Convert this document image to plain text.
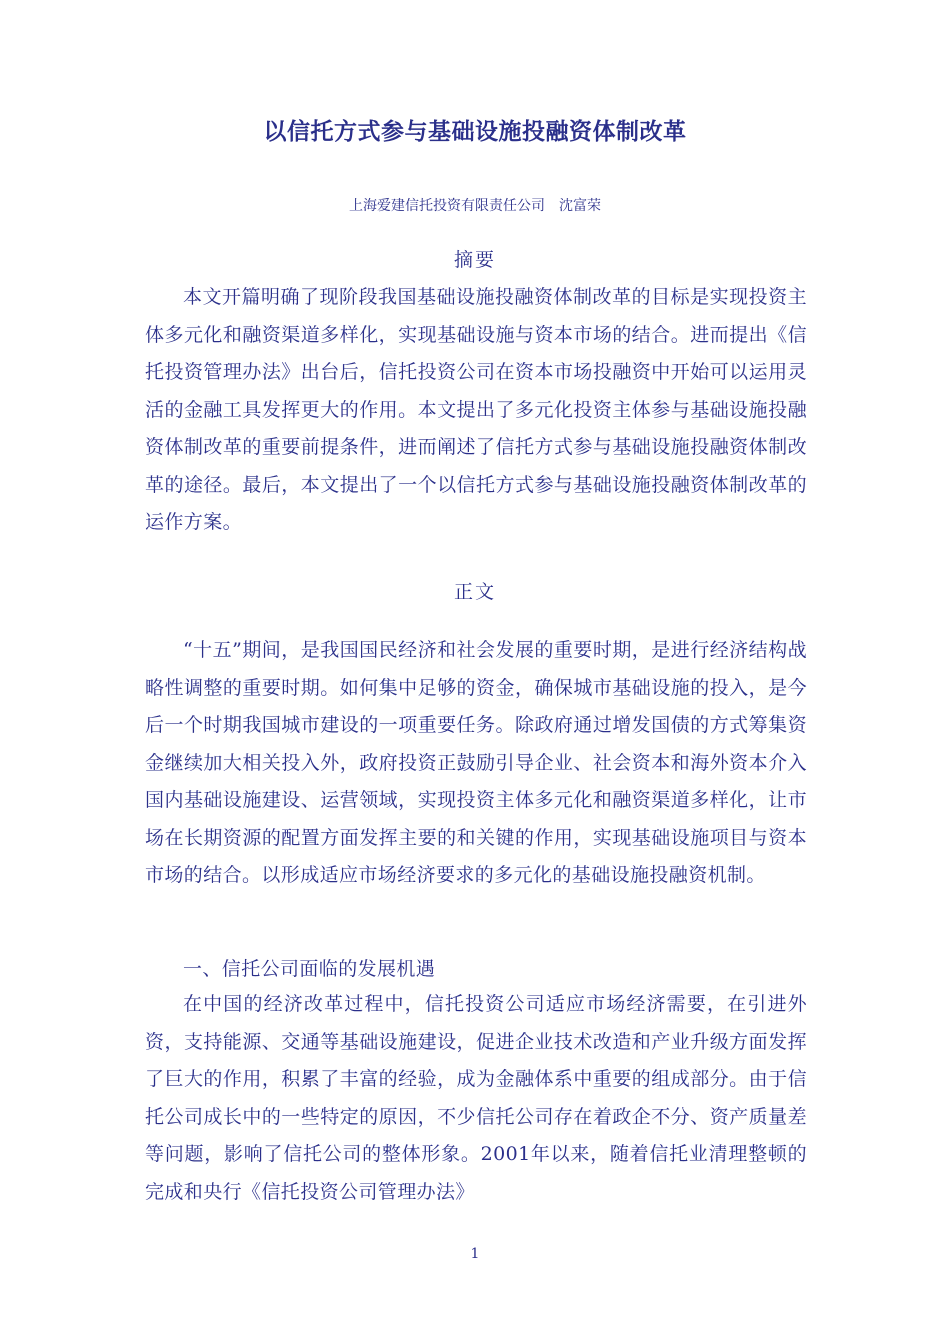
以信托方式参与基础设施投融资体制改革
上海爱建信托投资有限责任公司　沈富荣
摘要

本文开篇明确了现阶段我国基础设施投融资体制改革的目标是实现投资主体多元化和融资渠道多样化，实现基础设施与资本市场的结合。进而提出《信托投资管理办法》出台后，信托投资公司在资本市场投融资中开始可以运用灵活的金融工具发挥更大的作用。本文提出了多元化投资主体参与基础设施投融资体制改革的重要前提条件，进而阐述了信托方式参与基础设施投融资体制改革的途径。最后，本文提出了一个以信托方式参与基础设施投融资体制改革的运作方案。

正文

“十五”期间，是我国国民经济和社会发展的重要时期，是进行经济结构战略性调整的重要时期。如何集中足够的资金，确保城市基础设施的投入，是今后一个时期我国城市建设的一项重要任务。除政府通过增发国债的方式筹集资金继续加大相关投入外，政府投资正鼓励引导企业、社会资本和海外资本介入国内基础设施建设、运营领域，实现投资主体多元化和融资渠道多样化，让市场在长期资源的配置方面发挥主要的和关键的作用，实现基础设施项目与资本市场的结合。以形成适应市场经济要求的多元化的基础设施投融资机制。

一、信托公司面临的发展机遇

在中国的经济改革过程中，信托投资公司适应市场经济需要，在引进外资，支持能源、交通等基础设施建设，促进企业技术改造和产业升级方面发挥了巨大的作用，积累了丰富的经验，成为金融体系中重要的组成部分。由于信托公司成长中的一些特定的原因，不少信托公司存在着政企不分、资产质量差等问题，影响了信托公司的整体形象。2001年以来，随着信托业清理整顿的完成和央行《信托投资公司管理办法》

1
